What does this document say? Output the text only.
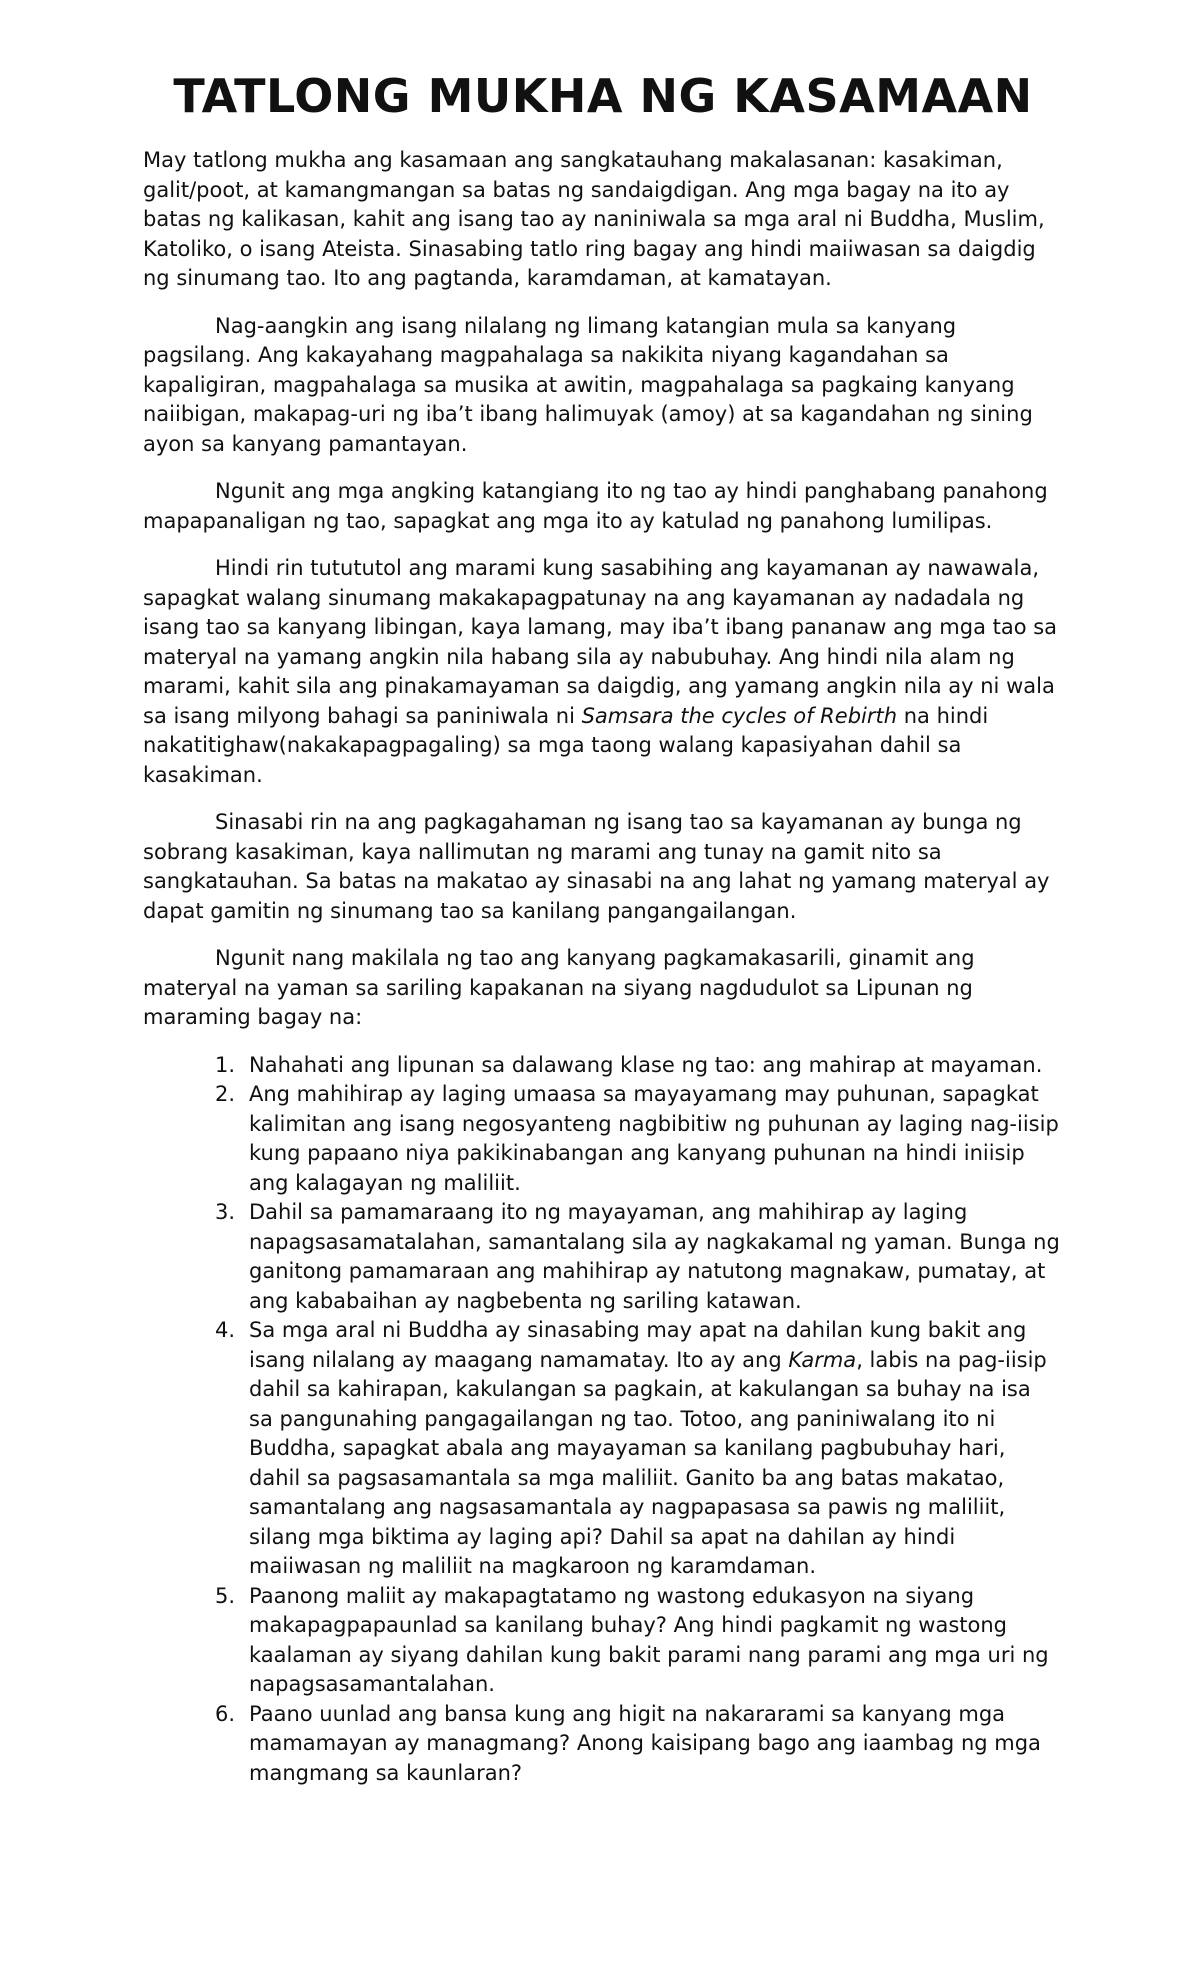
TATLONG MUKHA NG KASAMAAN

May tatlong mukha ang kasamaan ang sangkatauhang makalasanan: kasakiman, galit/poot, at kamangmangan sa batas ng sandaigdigan. Ang mga bagay na ito ay batas ng kalikasan, kahit ang isang tao ay naniniwala sa mga aral ni Buddha, Muslim, Katoliko, o isang Ateista. Sinasabing tatlo ring bagay ang hindi maiiwasan sa daigdig ng sinumang tao. Ito ang pagtanda, karamdaman, at kamatayan.

Nag-aangkin ang isang nilalang ng limang katangian mula sa kanyang pagsilang. Ang kakayahang magpahalaga sa nakikita niyang kagandahan sa kapaligiran, magpahalaga sa musika at awitin, magpahalaga sa pagkaing kanyang naiibigan, makapag-uri ng iba’t ibang halimuyak (amoy) at sa kagandahan ng sining ayon sa kanyang pamantayan.

Ngunit ang mga angking katangiang ito ng tao ay hindi panghabang panahong mapapanaligan ng tao, sapagkat ang mga ito ay katulad ng panahong lumilipas.

Hindi rin tutututol ang marami kung sasabihing ang kayamanan ay nawawala, sapagkat walang sinumang makakapagpatunay na ang kayamanan ay nadadala ng isang tao sa kanyang libingan, kaya lamang, may iba’t ibang pananaw ang mga tao sa materyal na yamang angkin nila habang sila ay nabubuhay. Ang hindi nila alam ng marami, kahit sila ang pinakamayaman sa daigdig, ang yamang angkin nila ay ni wala sa isang milyong bahagi sa paniniwala ni Samsara the cycles of Rebirth na hindi nakatitighaw(nakakapagpagaling) sa mga taong walang kapasiyahan dahil sa kasakiman.

Sinasabi rin na ang pagkagahaman ng isang tao sa kayamanan ay bunga ng sobrang kasakiman, kaya nallimutan ng marami ang tunay na gamit nito sa sangkatauhan. Sa batas na makatao ay sinasabi na ang lahat ng yamang materyal ay dapat gamitin ng sinumang tao sa kanilang pangangailangan.

Ngunit nang makilala ng tao ang kanyang pagkamakasarili, ginamit ang materyal na yaman sa sariling kapakanan na siyang nagdudulot sa Lipunan ng maraming bagay na:

1. Nahahati ang lipunan sa dalawang klase ng tao: ang mahirap at mayaman.
2. Ang mahihirap ay laging umaasa sa mayayamang may puhunan, sapagkat kalimitan ang isang negosyanteng nagbibitiw ng puhunan ay laging nag-iisip kung papaano niya pakikinabangan ang kanyang puhunan na hindi iniisip ang kalagayan ng maliliit.
3. Dahil sa pamamaraang ito ng mayayaman, ang mahihirap ay laging napagsasamatalahan, samantalang sila ay nagkakamal ng yaman. Bunga ng ganitong pamamaraan ang mahihirap ay natutong magnakaw, pumatay, at ang kababaihan ay nagbebenta ng sariling katawan.
4. Sa mga aral ni Buddha ay sinasabing may apat na dahilan kung bakit ang isang nilalang ay maagang namamatay. Ito ay ang Karma, labis na pag-iisip dahil sa kahirapan, kakulangan sa pagkain, at kakulangan sa buhay na isa sa pangunahing pangagailangan ng tao. Totoo, ang paniniwalang ito ni Buddha, sapagkat abala ang mayayaman sa kanilang pagbubuhay hari, dahil sa pagsasamantala sa mga maliliit. Ganito ba ang batas makatao, samantalang ang nagsasamantala ay nagpapasasa sa pawis ng maliliit, silang mga biktima ay laging api? Dahil sa apat na dahilan ay hindi maiiwasan ng maliliit na magkaroon ng karamdaman.
5. Paanong maliit ay makapagtatamo ng wastong edukasyon na siyang makapagpapaunlad sa kanilang buhay? Ang hindi pagkamit ng wastong kaalaman ay siyang dahilan kung bakit parami nang parami ang mga uri ng napagsasamantalahan.
6. Paano uunlad ang bansa kung ang higit na nakararami sa kanyang mga mamamayan ay managmang? Anong kaisipang bago ang iaambag ng mga mangmang sa kaunlaran?
